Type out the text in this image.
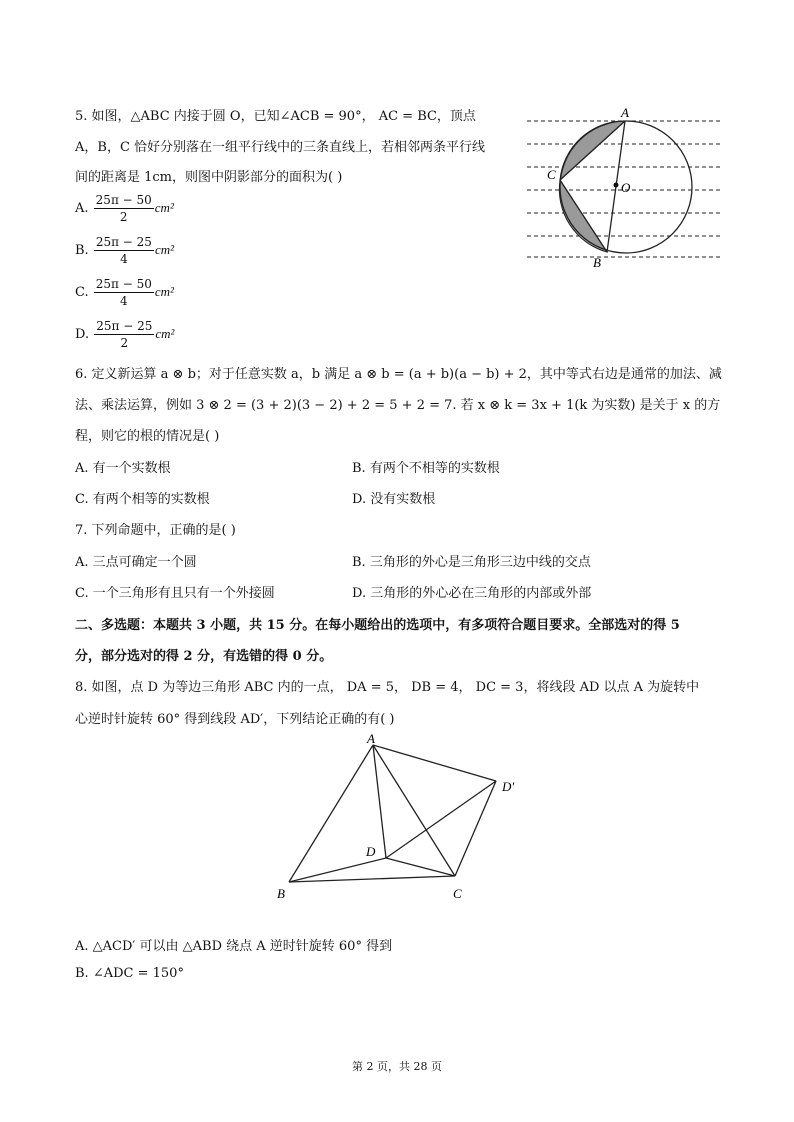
5. 如图，△ABC 内接于圆 O，已知∠ACB = 90°， AC = BC，顶点
A，B，C 恰好分别落在一组平行线中的三条直线上，若相邻两条平行线
间的距离是 1cm，则图中阴影部分的面积为( )
A. $\frac{25\pi - 50}{2} cm^2$
B. $\frac{25\pi - 25}{4} cm^2$
C. $\frac{25\pi - 50}{4} cm^2$
D. $\frac{25\pi - 25}{2} cm^2$
A
C
O
B
6. 定义新运算 a ⊗ b；对于任意实数 a，b 满足 a ⊗ b = (a + b)(a − b) + 2，其中等式右边是通常的加法、减
法、乘法运算，例如 3 ⊗ 2 = (3 + 2)(3 − 2) + 2 = 5 + 2 = 7. 若 x ⊗ k = 3x + 1(k 为实数) 是关于 x 的方
程，则它的根的情况是( )
A. 有一个实数根	B. 有两个不相等的实数根
C. 有两个相等的实数根	D. 没有实数根
7. 下列命题中，正确的是( )
A. 三点可确定一个圆	B. 三角形的外心是三角形三边中线的交点
C. 一个三角形有且只有一个外接圆	D. 三角形的外心必在三角形的内部或外部
二、多选题：本题共 3 小题，共 15 分。在每小题给出的选项中，有多项符合题目要求。全部选对的得 5
分，部分选对的得 2 分，有选错的得 0 分。
8. 如图，点 D 为等边三角形 ABC 内的一点， DA = 5， DB = 4， DC = 3，将线段 AD 以点 A 为旋转中
心逆时针旋转 60° 得到线段 AD′，下列结论正确的有( )
A
B	C
D
D′
A. △ACD′ 可以由 △ABD 绕点 A 逆时针旋转 60° 得到
B. ∠ADC = 150°
第 2 页，共 28 页
